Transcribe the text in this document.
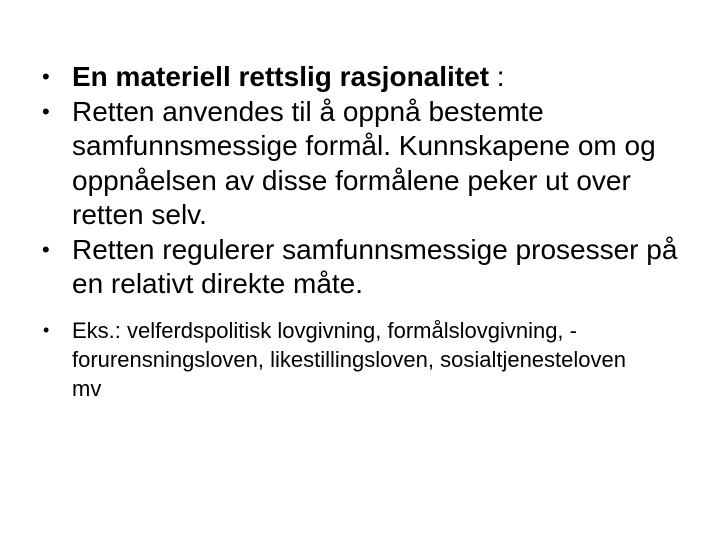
• En materiell rettslig rasjonalitet :
• Retten anvendes til å oppnå bestemte samfunnsmessige formål. Kunnskapene om og oppnåelsen av disse formålene peker ut over retten selv.
• Retten regulerer samfunnsmessige prosesser på en relativt direkte måte.
• Eks.: velferdspolitisk lovgivning, formålslovgivning, - forurensningsloven, likestillingsloven, sosialtjenesteloven mv
